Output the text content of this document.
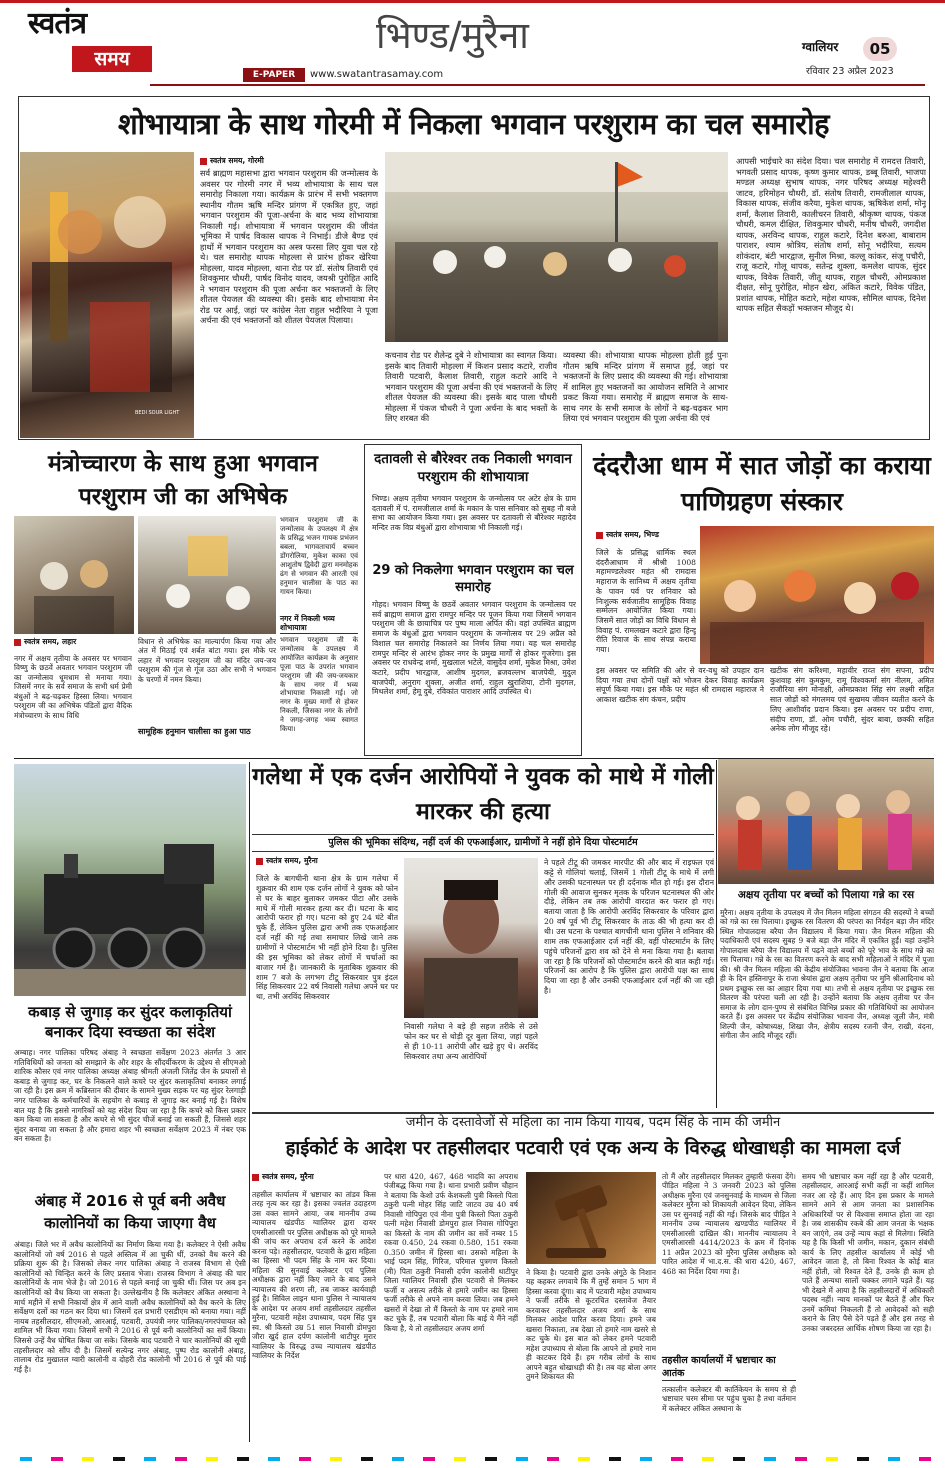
स्वतंत्र
समय
भिण्ड/मुरैना	ग्वालियर	05
रविवार 23 अप्रैल 2023
E-PAPER	www.swatantrasamay.com
शोभायात्रा के साथ गोरमी में निकला भगवान परशुराम का चल समारोह
BEDI SOUR LIGHT
स्वतंत्र समय, गोरमी
सर्व ब्राह्मण महासभा द्वारा भगवान परशुराम की जन्मोत्सव के अवसर पर गोरमी नगर में भव्य शोभायात्रा के साथ चल समारोह निकाला गया। कार्यक्रम के प्रारंभ में सभी भक्तगण स्थानीय गौतम ऋषि मन्दिर प्रांगण में एकत्रित हुए, जहां भगवान परशुराम की पूजा-अर्चना के बाद भव्य शोभायात्रा निकाली गई। शोभायात्रा में भगवान परशुराम की जीवंत भूमिका में पार्षद विकास थापक ने निभाई। डीजे बैण्ड एवं हाथों में भगवान परशुराम का अस्त्र फरसा लिए युवा चल रहे थे। चल समारोह थापक मोहल्ला से प्रारंभ होकर खेरिया मोहल्ला, यादव मोहल्ला, थाना रोड पर डॉ. संतोष तिवारी एवं शिवकुमार चौधरी, पार्षद विनोद यादव, जयश्री पुरोहित आदि ने भगवान परशुराम की पूजा अर्चना कर भक्तजनों के लिए शीतल पेयजल की व्यवस्था की। इसके बाद शोभायात्रा मेन रोड पर आई, जहां पर कांग्रेस नेता राहुल भदौरिया ने पूजा अर्चना की एवं भक्तजनों को शीतल पेयजल पिलाया।
कचनाव रोड पर शैलेन्द्र दुबे ने शोभायात्रा का स्वागत किया। इसके बाद तिवारी मोहल्ला में किशन प्रसाद कटारे, राजीव तिवारी पटवारी, कैलाश तिवारी, राहुल कटारे आदि ने भगवान परशुराम की पूजा अर्चना की एवं भक्तजनों के लिए शीतल पेयजल की व्यवस्था की। इसके बाद पाला चौधरी मोहल्ला में पंकज चौधरी ने पूजा अर्चना के बाद भक्तों के लिए शरबत की
व्यवस्था की। शोभायात्रा थापक मोहल्ला होती हुई पुनः गौतम ऋषि मन्दिर प्रांगण में समाप्त हुई, जहां पर भक्तजनों के लिए प्रसाद की व्यवस्था की गई। शोभायात्रा में शामिल हुए भक्तजनों का आयोजन समिति ने आभार प्रकट किया गया। समारोह में ब्राह्मण समाज के साथ-साथ नगर के सभी समाज के लोगों ने बढ़-चढ़कर भाग लिया एवं भगवान परशुराम की पूजा अर्चना की एवं
आपसी भाईचारे का संदेश दिया। चल समारोह में रामदत्त तिवारी, भगवती प्रसाद थापक, कृष्ण कुमार थापक, डब्बू तिवारी, भाजपा मण्डल अध्यक्ष सुभाष थापक, नगर परिषद अध्यक्ष महेश्वरी जाटव, हरिमोहन चौधरी, डॉ. संतोष तिवारी, रामजीलाल थापक, विकास थापक, संजीव करैया, मुकेश थापक, ऋषिकेश शर्मा, मोनू शर्मा, कैलाश तिवारी, कालीचरन तिवारी, श्रीकृष्ण थापक, पंकज चौधरी, कमल दीक्षित, शिवकुमार चौधरी, मनीष चौधरी, जगदीश थापक, अरविन्द थापक, राहुल कटारे, दिनेश बरुआ, बाबाराम पाराशर, श्याम श्रोत्रिय, संतोष शर्मा, सोनू भदौरिया, सत्यम शोकंदार, बंटी भारद्वाज, सुनील मिश्रा, कल्लू कांकर, संजू पचौरी, राजू कटारे, गोलू थापक, सतेन्द्र शुक्ला, कमलेश थापक, सुंदर थापक, विवेक तिवारी, जीतू थापक, राहुल चौधरी, ओमप्रकाश दीक्षत, सोनू पुरोहित, मोहन खेरा, अंकित कटारे, विवेक पंडित, प्रशांत थापक, मोहित कटारे, महेश थापक, सौमिल थापक, दिनेश थापक सहित सैकड़ों भक्तजन मौजूद थे।
मंत्रोच्चारण के साथ हुआ भगवान परशुराम जी का अभिषेक
भगवान परशुराम जी के जन्मोत्सव के उपलक्ष्य में क्षेत्र के प्रसिद्ध भजन गायक प्रभंजन बबला, भागवताचार्य बच्चन डोंगरोलिया, मुकेश काका एवं आशुतोष द्विवेदी द्वारा मनमोहक ढंग से भगवान की आरती एवं हनुमान चालीसा के पाठ का गायन किया।
नगर में निकली भव्य शोभायात्रा
भगवान परशुराम जी के जन्मोत्सव के उपलक्ष्य में आयोजित कार्यक्रम के अनुसार पूजा पाठ के उपरांत भगवान परशुराम जी की जय-जयकार के साथ नगर में भव्य शोभायात्रा निकाली गई। जो नगर के मुख्य मार्गों से होकर निकली, जिसका नगर के लोगों ने जगह-जगह भव्य स्वागत किया।
स्वतंत्र समय, लहार
नगर में अक्षय तृतीया के अवसर पर भगवान विष्णु के छठवें अवतार भगवान परशुराम जी का जन्मोत्सव धूमधाम से मनाया गया। जिसमें नगर के सर्व समाज के सभी धर्म प्रेमी बंधुओं ने बढ़-चढ़कर हिस्सा लिया। भगवान परशुराम जी का अभिषेक पंडितों द्वारा वैदिक मंत्रोच्चारण के साथ विधि
विधान से अभिषेक का माल्यार्पण किया गया और अंत में मिठाई एवं शर्बत बांटा गया। इस मौके पर लहार में भगवान परशुराम जी का मंदिर जय-जय परशुराम की गूंज से गूंज उठा और सभी ने भगवान के चरणों में नमन किया।
सामूहिक हनुमान चालीसा का हुआ पाठ
दतावली से बौरेश्वर तक निकाली भगवान परशुराम की शोभायात्रा
भिण्ड। अक्षय तृतीया भगवान परशुराम के जन्मोत्सव पर अटेर क्षेत्र के ग्राम दतावली में पं. रामजीलाल शर्मा के मकान के पास सनिवार को सुबह नौ बजे सभा का आयोजन किया गया। इस अवसर पर दतावली से बौरेश्वर महादेव मन्दिर तक विप्र बंधुओं द्वारा शोभायात्रा भी निकाली गई।
29 को निकलेगा भगवान परशुराम का चल समारोह
गोहद। भगवान विष्णु के छठवें अवतार भगवान परशुराम के जन्मोत्सव पर सर्व ब्राह्मण समाज द्वारा रामपुर मन्दिर पर पूजन किया गया जिसमें भगवान परशुराम जी के छायाचित्र पर पुष्प माला अर्पित की। वहां उपस्थित ब्राह्मण समाज के बंधुओं द्वारा भगवान परशुराम के जन्मोत्सव पर 29 अप्रैल को विशाल चल समारोह निकालने का निर्णय लिया गया। यह चल समारोह रामपुर मन्दिर से आरंभ होकर नगर के प्रमुख मार्गों से होकर गुजरेगा। इस अवसर पर राधवेन्द्र शर्मा, मुखलाल भटेले, वासुदेव शर्मा, मुकेश मिश्रा, उमेश कटारे, प्रदीप भारद्वाज, आशीष मुदगल, ब्रजवल्लभ बाजपेयी, मुदुल बाजपेयी, अनुराग शुक्ला, अजीत शर्मा, राहुल खुराशिया, टोनी मुदगल, मिथलेश शर्मा, हेमू दुबे, रविकांत पाराशर आदि उपस्थित थे।
दंदरौआ धाम में सात जोड़ों का कराया पाणिग्रहण संस्कार
स्वतंत्र समय, भिण्ड
जिले के प्रसिद्ध धार्मिक स्थल दंदरौआधाम में श्रीश्री 1008 महामण्डलेश्वर महंत श्री रामदास महाराज के सानिध्य में अक्षय तृतीया के पावन पर्व पर शनिवार को निःशुल्क सर्वजातीय सामूहिक विवाह सम्मेलन आयोजित किया गया। जिसमें सात जोड़ों का विधि विधान से विवाह पं. रामलखन कटारे द्वारा हिन्दू रीति रिवाज के साथ संपन्न कराया गया।
इस अवसर पर समिति की ओर से वर-वधु को उपहार दान दिया गया तथा दोनों पक्षों को भोजन देकर विवाह कार्यक्रम संपूर्ण किया गया। इस मौके पर महंत श्री रामदास महाराज ने आकाश खटीक संग कंचन, प्रदीप
खटीक संग करिश्मा, महावीर राव्त संग सपना, प्रदीप कुशवाह संग कुमकुम, रामू विश्वकर्मा संग नीलम, अमित राजौरिया संग मोनाक्षी, ओमप्रकाश सिंह संग लक्ष्मी सहित सात जोड़ों को मंगलमय एवं सुखमय जीवन व्यतीत करने के लिए आशीर्वाद प्रदान किया। इस अवसर पर प्रदीप राणा, संदीप राणा, डॉ. ओम पचौरी, सुंदर बाबा, छक्की सहित अनेक लोग मौजूद रहे।
कबाड़ से जुगाड़ कर सुंदर कलाकृतियां बनाकर दिया स्वच्छता का संदेश
अम्बाह। नगर पालिका परिषद अंबाह ने स्वच्छता सर्वेक्षण 2023 अंतर्गत 3 आर गतिविधियों को जनता को समझाने के और शहर के सौंदर्यीकरण के उद्देश्य से सीएमओ शारिक कौसर एवं नगर पालिका अध्यक्ष अंबाह श्रीमती अंजली जितेंद्र जैन के प्रयासों से कबाड़ से जुगाड़ कर, घर के निकलने वाले कचरे पर सुंदर कलाकृतियां बनाकर लगाई जा रही है। इस क्रम में कब्रिस्तान की दीवार के सामने मुख्य सड़क पर यह सुंदर रेलगाड़ी नगर पालिका के कर्मचारियों के सहयोग से कबाड़ से जुगाड़ कर बनाई गई है। विशेष बात यह है कि इससे नागरिकों को यह संदेश दिया जा रहा है कि कचरे को किस प्रकार कम किया जा सकता है और कचरे से भी सुंदर चीजें बनाई जा सकती हैं, जिससे शहर सुंदर बनाया जा सकता है और हमारा शहर भी स्वच्छता सर्वेक्षण 2023 में नंबर एक बन सकता है।
अंबाह में 2016 से पूर्व बनी अवैध कालोनियों का किया जाएगा वैध
अंबाह। जिले भर में अवैध कालोनियों का निर्माण किया गया है। कलेक्टर ने ऐसी अवैध कालोनियों जो वर्ष 2016 से पहले अस्तित्व में आ चुकी थीं, उनको वैध करने की प्रक्रिया शुरू की है। जिसको लेकर नगर पालिका अंबाह ने राजस्व विभाग से ऐसी कालोनियों को चिन्हित करने के लिए प्रस्ताव भेजा। राजस्व विभाग ने अंबाह की चार कालोनियों के नाम भेजे है। जो 2016 से पहले बनाई जा चुकी थीं। जिस पर अब इन कालोनियों को वैध किया जा सकता है। उल्लेखनीय है कि कलेक्टर अंकित अस्थाना ने मार्च महीने में सभी निकायों क्षेत्र में आने वाली अवैध कालोनियों को वैध करने के लिए सर्वेक्षण दलों का गठन कर दिया था। जिसमें दल प्रभारी एसडीएम को बनाया गया। नहीं नायब तहसीलदार, सीएमओ, आरआई, पटवारी, उपयंत्री नगर पालिका/नगरपंचायत को शामिल भी किया गया। जिसमें सभी ने 2016 से पूर्व बनी कालोनियों का सर्वे किया। जिससे उन्हें वैध घोषित किया जा सके। जिसके बाद पटवारी ने चार कालोनियों की सूची तहसीलदार को सौंप दी है। जिसमें सत्येन्द्र नगर अंबाह, पुष्प रोड कालोनी अंबाह, तालाब रोड मुखातल ग्वारी कालोनी व दोहरी रोड कालोनी भी 2016 से पूर्व की पाई गई है।
गलेथा में एक दर्जन आरोपियों ने युवक को माथे में गोली मारकर की हत्या
पुलिस की भूमिका संदिग्ध, नहीं दर्ज की एफआईआर, ग्रामीणों ने नहीं होने दिया पोस्टमार्टम
स्वतंत्र समय, मुरैना
जिले के बागचीनी थाना क्षेत्र के ग्राम गलेथा में शुक्रवार की शाम एक दर्जन लोगों ने युवक को फोन से घर के बाहर बुलाकर जमकर पीटा और उसके माथे में गोली मारकर हत्या कर दी। घटना के बाद आरोपी फरार हो गए। घटना को हुए 24 घंटे बीत चुके हैं, लेकिन पुलिस द्वारा अभी तक एफआईआर दर्ज नहीं की गई तथा समाचार लिखे जाने तक ग्रामीणों ने पोस्टमार्टम भी नहीं होने दिया है। पुलिस की इस भूमिका को लेकर लोगों में चर्चाओं का बाजार गर्म है। जानकारी के मुताबिक शुक्रवार की शाम 7 बजे के लगभग टीटू सिकरवार पुत्र इंदल सिंह सिकरवार 22 वर्ष निवासी गलेथा अपने घर पर था, तभी अरविंद सिकरवार
निवासी गलेथा ने बड़े ही सहज तरीके से उसे फोन कर घर से थोड़ी दूर बुला लिया, जहां पहले से ही 10-11 आरोपी और खड़े हुए थे। अरविंद सिकरवार तथा अन्य आरोपियों
ने पहले टीटू की जमकर मारपीट की और बाद में राइफल एवं कट्टे से गोलियां चलाई, जिसमें 1 गोली टीटू के माथे में लगी और उसकी घटनास्थल पर ही दर्दनाक मौत हो गई। इस दौरान गोली की आवाज सुनकर मृतक के परिजन घटनास्थल की ओर दौड़े, लेकिन तब तक आरोपी वारदात कर फरार हो गए। बताया जाता है कि आरोपी अरविंद सिकरवार के परिवार द्वारा 20 वर्ष पूर्व भी टीटू सिकरवार के ताऊ की भी हत्या कर दी थी। उस घटना के पश्चात बागचीनी थाना पुलिस ने शनिवार की शाम तक एफआईआर दर्ज नहीं की, वहीं पोस्टमार्टम के लिए पहुंचे परिजनों द्वारा शव को देने से मना किया गया है। बताया जा रहा है कि परिजनों को पोस्टमार्टम करने की बात कही गई। परिजनों का आरोप है कि पुलिस द्वारा आरोपी पक्ष का साथ दिया जा रहा है और उनकी एफआईआर दर्ज नहीं की जा रही है।
अक्षय तृतीया पर बच्चों को पिलाया गन्ने का रस
मुरैना। अक्षय तृतीया के उपलक्ष्य में जैन मिलन महिला संगठन की सदस्यों ने बच्चों को गन्ने का रस पिलाया। इच्छुक रस वितरण की परंपरा का निर्वहन बड़ा जैन मंदिर स्थित गोपालदास बरैया जैन विद्यालय में किया गया। जैन मिलन महिला की पदाधिकारी एवं सदस्य सुबह 9 बजे बड़ा जैन मंदिर में एकत्रित हुईं। यहां उन्होंने गोपालदास बरैया जैन विद्यालय में पढ़ने वाले बच्चों को पूरे भाव के साथ गन्ने का रस पिलाया। गन्ने के रस का वितरण करने के बाद सभी महिलाओं ने मंदिर में पूजा की। श्री जैन मिलन महिला की केंद्रीय संयोजिका भावना जैन ने बताया कि आज ही के दिन हस्तिनापुर के राजा श्रेयांस द्वारा अक्षय तृतीया पर मुनि श्रीआदिनाथ को प्रथम इच्छुक रस का आहार दिया गया था। तभी से अक्षय तृतीया पर इच्छुक रस वितरण की परंपरा चली आ रही है। उन्होंने बताया कि अक्षय तृतीया पर जैन समाज के लोग दान-पुण्य से संबंधित विभिन्न प्रकार की गतिविधियों का आयोजन करते हैं। इस अवसर पर केंद्रीय संयोजिका भावना जैन, अध्यक्ष जूली जैन, मंत्री शिल्पी जैन, कोषाध्यक्ष, शिखा जैन, क्षेत्रीय सदस्य रजनी जैन, राखी, वंदना, संगीता जैन आदि मौजूद रहीं।
जमीन के दस्तावेजों से महिला का नाम किया गायब, पदम सिंह के नाम की जमीन
हाईकोर्ट के आदेश पर तहसीलदार पटवारी एवं एक अन्य के विरुद्ध धोखाधड़ी का मामला दर्ज
स्वतंत्र समय, मुरैना
तहसील कार्यालय में भ्रष्टाचार का तांडव किस तरह नृत्य कर रहा है। इसका ज्वलंत उदाहरण उस वक्त सामने आया, जब माननीय उच्च न्यायालय खंडपीठ ग्वालियर द्वारा दायर एमसीआरसी पर पुलिस अधीक्षक को पूरे मामले की जांच कर अपराध दर्ज करने के आदेश करना पड़े। तहसीलदार, पटवारी के द्वारा महिला का हिस्सा भी पदम सिंह के नाम कर दिया। महिला की सुनवाई कलेक्टर एवं पुलिस अधीक्षक द्वारा नहीं किए जाने के बाद उसने न्यायालय की शरण ली, तब जाकर कार्यवाही हुई है। सिविल लाइन थाना पुलिस ने न्यायालय के आदेश पर अजय शर्मा तहसीलदार तहसील मुरैना, पटवारी महेश उपाध्याय, पदम सिंह पुत्र स्व. श्री किस्तो उम्र 51 साल निवासी डोमपुरा जौरा खुर्द हाल दर्पण कालोनी थाटीपुर मुरार ग्वालियर के विरुद्ध उच्च न्यायालय खंडपीठ ग्वालियर के निर्देश
पर धारा 420, 467, 468 भादवि का अपराध पंजीबद्ध किया गया है। थाना प्रभारी प्रवीण चौहान ने बताया कि केशो उर्फ केशकली पुत्री किस्तो पिता ठकुरी पत्नी मोहर सिंह जाटि जाटव उम्र 40 वर्ष निवासी गोपिपुरा एवं नीना पुत्री किस्तो पिता ठकुरी पत्नी महेश निवासी डोमपुरा हाल निवास गोपिपुरा का किस्तो के नाम की जमीन का सर्वे नम्बर 15 रकवा 0.450, 24 रकवा 0.580, 151 रकवा 0.350 जमीन में हिस्सा था। उसको महिला के भाई पदम सिंह, गिरिज, परिमाल पुत्रगण किस्तो (मी) पिता ठकुरी निवासी दर्पण कालोनी थाटीपुर जिला ग्वालियर निवासी हौस पटवारी से मिलकर फर्जी व असत्य तरीके से हमारे जमीन का हिस्सा फर्जी तरीके से अपने नाम करवा लिया। जब हमने खसरों में देखा तो मैं किस्तो के नाम पर हमारे नाम कट चुके हैं, तब पटवारी बोला कि बाई ये मैंने नहीं किया है, ये तो तहसीलदार अजय शर्मा
ने किया है। पटवारी द्वारा उनके अंगूठे के निशान यह कहकर लगवाये कि मैं तुम्हें समान 5 भाग में हिस्सा करवा दूंगा। बाद में पटवारी महेश उपाध्याय ने फर्जी तरीके से कूटरचित दस्तावेज तैयार करवाकर तहसीलदार अजय शर्मा के साथ मिलकर आदेश पारित करवा दिया। हमने जब खसरा निकाला, तब देखा तो हमारे नाम खसरे से कट चुके थे। इस बात को लेकर हमने पटवारी महेश उपाध्याय से बोला कि आपने तो हमारे नाम ही काटकर दिये हैं। हम गरीब लोगों के साथ आपने बहुत धोखाधड़ी की है। तब वह बोला अगर तुमने शिकायत की
तो मैं और तहसीलदार मिलकर तुम्हारी फंसवा देंगे। पीड़ित महिला ने 3 जनवरी 2023 को पुलिस अधीक्षक मुरैना एवं जनसुनवाई के माध्यम से जिला कलेक्टर मुरैना को शिकायती आवेदन दिया, लेकिन उस पर सुनवाई नहीं की गई। जिसके बाद पीड़ित ने माननीय उच्च न्यायालय खण्डपीठ ग्वालियर में एमसीआरसी दाखिल की। माननीय न्यायालय ने एमसीआरसी 4414/2023 के क्रम में दिनांक 11 अप्रैल 2023 को मुरैना पुलिस अधीक्षक को पारित आदेश में भा.द.स. की धारा 420, 467, 468 का निर्देश दिया गया है।
तहसील कार्यालयों में भ्रष्टाचार का आतंक
तत्कालीन कलेक्टर बी कार्तिकेयन के समय से ही भ्रष्टाचार चरम सीमा पर पहुंच चुका है तथा वर्तमान में कलेक्टर अंकित अस्थाना के
समय भी भ्रष्टाचार कम नहीं रहा है और पटवारी, तहसीलदार, आरआई सभी कहीं ना कहीं शामिल नजर आ रहे हैं। आए दिन इस प्रकार के मामले सामने आने से आम जनता का प्रशासनिक अधिकारियों पर से विश्वास समाप्त होता जा रहा है। जब शासकीय रकबे की आम जनता के भक्षक बन जाएंगे, तब उन्हें न्याय कहां से मिलेगा। स्थिति यह है कि किसी भी जमीन, मकान, दुकान संबंधी कार्य के लिए तहसील कार्यालय में कोई भी आवेदन जाता है, तो बिना रिश्वत के कोई बात नहीं होती, जो रिश्वत देते हैं, उनके ही काम हो पाते हैं अन्यथा सालों चक्कर लगाने पड़ते हैं। यह भी देखने में आया है कि तहसीलदारों में अधिकारी पदस्थ नहीं। न्याय मानकों पर बैठते हैं और फिर उनमें कमियां निकलती हैं तो आवेदकों को सही कराने के लिए पैसे देने पड़ते हैं और इस तरह से उनका जबरदस्त आर्थिक शोषण किया जा रहा है।
